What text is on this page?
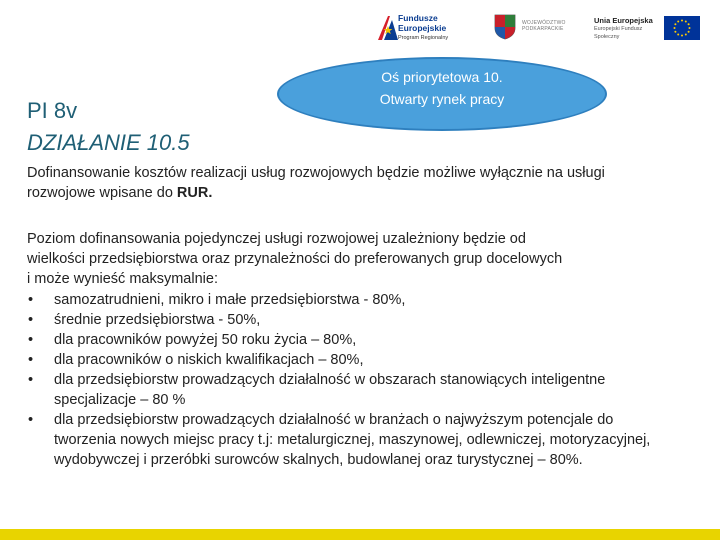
Fundusze
Europejskie
Program Regionalny
WOJEWÓDZTWO
PODKARPACKIE
Unia Europejska
Europejski Fundusz
Społeczny
PI 8v
DZIAŁANIE 10.5
Oś priorytetowa 10.
Otwarty rynek pracy
Dofinansowanie kosztów realizacji usług rozwojowych będzie możliwe wyłącznie na usługi rozwojowe wpisane do RUR.
Poziom dofinansowania pojedynczej usługi rozwojowej uzależniony będzie od
wielkości przedsiębiorstwa oraz przynależności do preferowanych grup docelowych
i może wynieść maksymalnie:
• samozatrudnieni, mikro i małe przedsiębiorstwa - 80%,
• średnie przedsiębiorstwa - 50%,
• dla pracowników powyżej 50 roku życia – 80%,
• dla pracowników o niskich kwalifikacjach – 80%,
• dla przedsiębiorstw prowadzących działalność w obszarach stanowiących inteligentne specjalizacje – 80 %
• dla przedsiębiorstw prowadzących działalność w branżach o najwyższym potencjale do tworzenia nowych miejsc pracy t.j: metalurgicznej, maszynowej, odlewniczej, motoryzacyjnej, wydobywczej i przeróbki surowców skalnych, budowlanej oraz turystycznej – 80%.
